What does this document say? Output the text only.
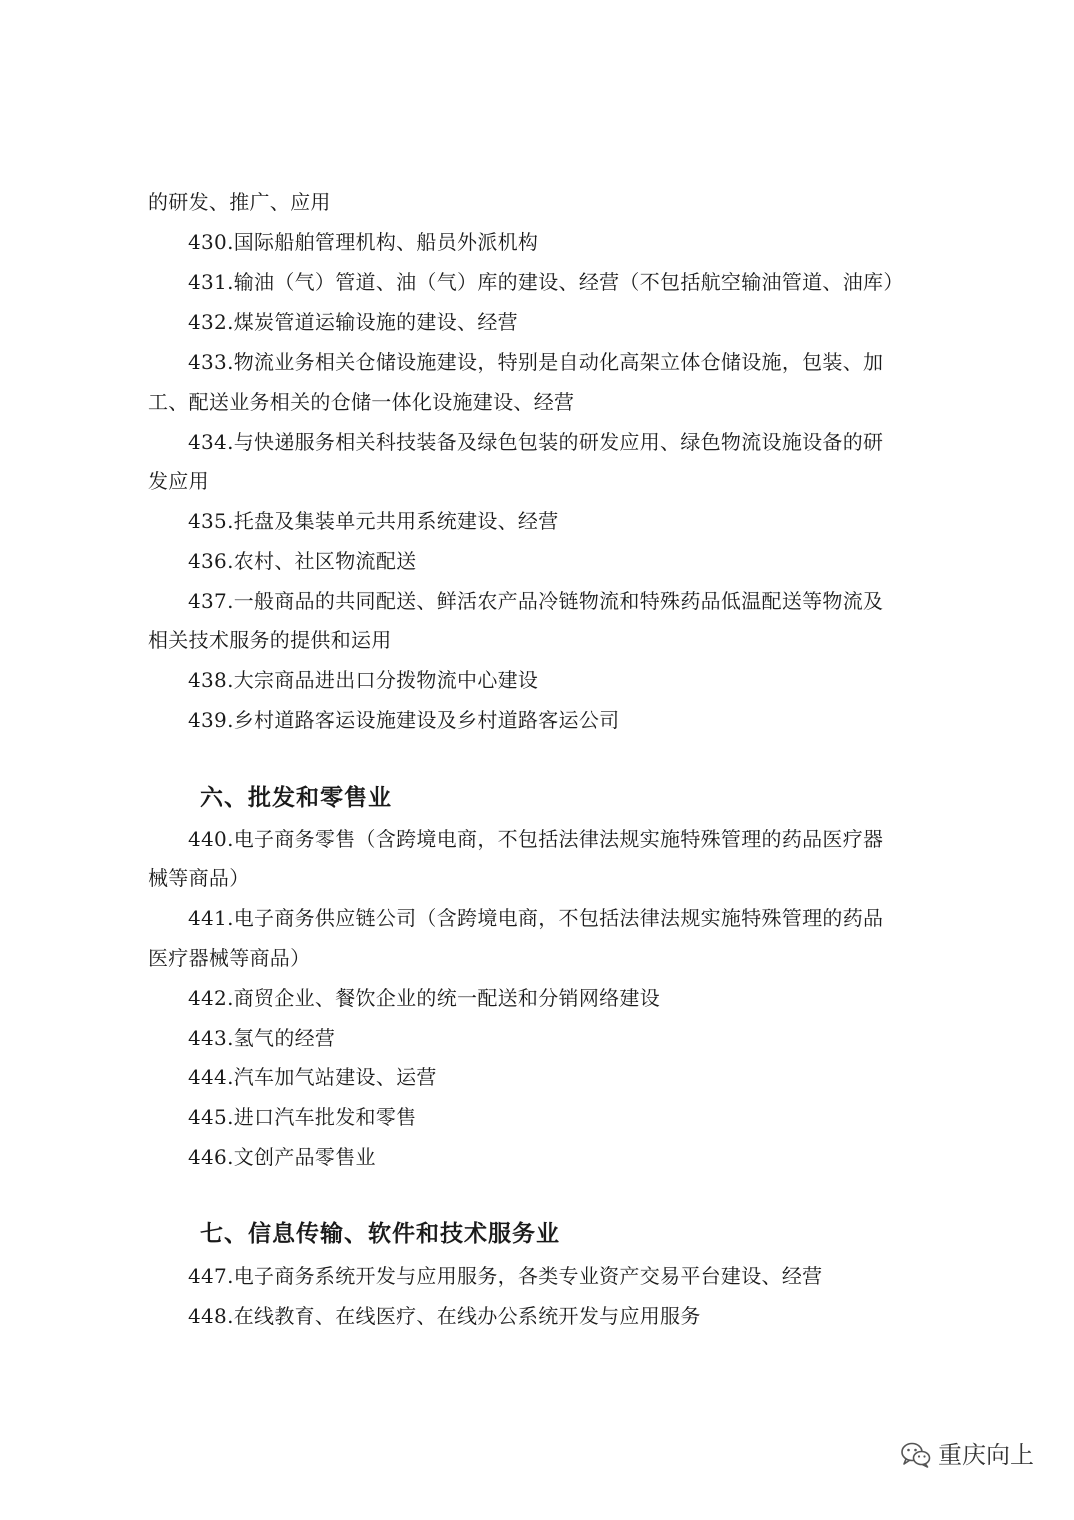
的研发、推广、应用
430.国际船舶管理机构、船员外派机构
431.输油（气）管道、油（气）库的建设、经营（不包括航空输油管道、油库）
432.煤炭管道运输设施的建设、经营
433.物流业务相关仓储设施建设，特别是自动化高架立体仓储设施，包装、加
工、配送业务相关的仓储一体化设施建设、经营
434.与快递服务相关科技装备及绿色包装的研发应用、绿色物流设施设备的研
发应用
435.托盘及集装单元共用系统建设、经营
436.农村、社区物流配送
437.一般商品的共同配送、鲜活农产品冷链物流和特殊药品低温配送等物流及
相关技术服务的提供和运用
438.大宗商品进出口分拨物流中心建设
439.乡村道路客运设施建设及乡村道路客运公司
六、批发和零售业
440.电子商务零售（含跨境电商，不包括法律法规实施特殊管理的药品医疗器
械等商品）
441.电子商务供应链公司（含跨境电商，不包括法律法规实施特殊管理的药品
医疗器械等商品）
442.商贸企业、餐饮企业的统一配送和分销网络建设
443.氢气的经营
444.汽车加气站建设、运营
445.进口汽车批发和零售
446.文创产品零售业
七、信息传输、软件和技术服务业
447.电子商务系统开发与应用服务，各类专业资产交易平台建设、经营
448.在线教育、在线医疗、在线办公系统开发与应用服务
重庆向上
